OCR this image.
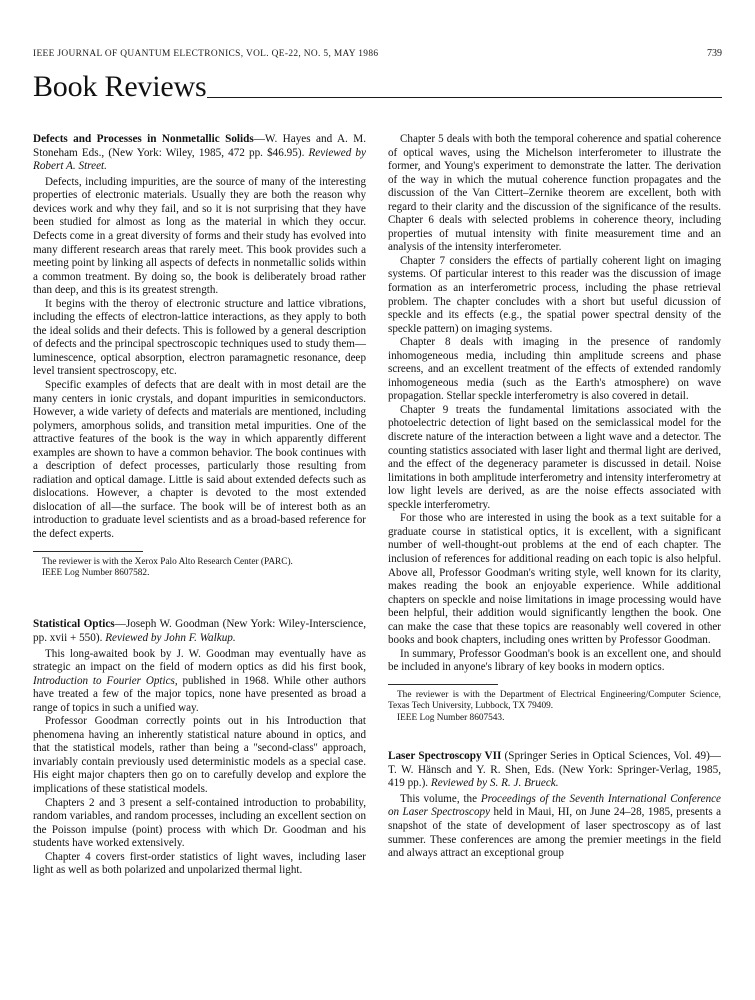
IEEE JOURNAL OF QUANTUM ELECTRONICS, VOL. QE-22, NO. 5, MAY 1986	739
Book Reviews
Defects and Processes in Nonmetallic Solids—W. Hayes and A. M. Stoneham Eds., (New York: Wiley, 1985, 472 pp. $46.95). Reviewed by Robert A. Street.

Defects, including impurities, are the source of many of the interesting properties of electronic materials. Usually they are both the reason why devices work and why they fail, and so it is not surprising that they have been studied for almost as long as the material in which they occur. Defects come in a great diversity of forms and their study has evolved into many different research areas that rarely meet. This book provides such a meeting point by linking all aspects of defects in nonmetallic solids within a common treatment. By doing so, the book is deliberately broad rather than deep, and this is its greatest strength.

It begins with the theroy of electronic structure and lattice vibrations, including the effects of electron-lattice interactions, as they apply to both the ideal solids and their defects. This is followed by a general description of defects and the principal spectroscopic techniques used to study them—luminescence, optical absorption, electron paramagnetic resonance, deep level transient spectroscopy, etc.

Specific examples of defects that are dealt with in most detail are the many centers in ionic crystals, and dopant impurities in semiconductors. However, a wide variety of defects and materials are mentioned, including polymers, amorphous solids, and transition metal impurities. One of the attractive features of the book is the way in which apparently different examples are shown to have a common behavior. The book continues with a description of defect processes, particularly those resulting from radiation and optical damage. Little is said about extended defects such as dislocations. However, a chapter is devoted to the most extended dislocation of all—the surface. The book will be of interest both as an introduction to graduate level scientists and as a broad-based reference for the defect experts.

The reviewer is with the Xerox Palo Alto Research Center (PARC).

IEEE Log Number 8607582.

Statistical Optics—Joseph W. Goodman (New York: Wiley-Interscience, pp. xvii + 550). Reviewed by John F. Walkup.

This long-awaited book by J. W. Goodman may eventually have as strategic an impact on the field of modern optics as did his first book, Introduction to Fourier Optics, published in 1968. While other authors have treated a few of the major topics, none have presented as broad a range of topics in such a unified way.

Professor Goodman correctly points out in his Introduction that phenomena having an inherently statistical nature abound in optics, and that the statistical models, rather than being a ''second-class'' approach, invariably contain previously used deterministic models as a special case. His eight major chapters then go on to carefully develop and explore the implications of these statistical models.

Chapters 2 and 3 present a self-contained introduction to probability, random variables, and random processes, including an excellent section on the Poisson impulse (point) process with which Dr. Goodman and his students have worked extensively.

Chapter 4 covers first-order statistics of light waves, including laser light as well as both polarized and unpolarized thermal light.

Chapter 5 deals with both the temporal coherence and spatial coherence of optical waves, using the Michelson interferometer to illustrate the former, and Young's experiment to demonstrate the latter. The derivation of the way in which the mutual coherence function propagates and the discussion of the Van Cittert–Zernike theorem are excellent, both with regard to their clarity and the discussion of the significance of the results. Chapter 6 deals with selected problems in coherence theory, including properties of mutual intensity with finite measurement time and an analysis of the intensity interferometer.

Chapter 7 considers the effects of partially coherent light on imaging systems. Of particular interest to this reader was the discussion of image formation as an interferometric process, including the phase retrieval problem. The chapter concludes with a short but useful dicussion of speckle and its effects (e.g., the spatial power spectral density of the speckle pattern) on imaging systems.

Chapter 8 deals with imaging in the presence of randomly inhomogeneous media, including thin amplitude screens and phase screens, and an excellent treatment of the effects of extended randomly inhomogeneous media (such as the Earth's atmosphere) on wave propagation. Stellar speckle interferometry is also covered in detail.

Chapter 9 treats the fundamental limitations associated with the photoelectric detection of light based on the semiclassical model for the discrete nature of the interaction between a light wave and a detector. The counting statistics associated with laser light and thermal light are derived, and the effect of the degeneracy parameter is discussed in detail. Noise limitations in both amplitude interferometry and intensity interferometry at low light levels are derived, as are the noise effects associated with speckle interferometry.

For those who are interested in using the book as a text suitable for a graduate course in statistical optics, it is excellent, with a significant number of well-thought-out problems at the end of each chapter. The inclusion of references for additional reading on each topic is also helpful. Above all, Professor Goodman's writing style, well known for its clarity, makes reading the book an enjoyable experience. While additional chapters on speckle and noise limitations in image processing would have been helpful, their addition would significantly lengthen the book. One can make the case that these topics are reasonably well covered in other books and book chapters, including ones written by Professor Goodman.

In summary, Professor Goodman's book is an excellent one, and should be included in anyone's library of key books in modern optics.

The reviewer is with the Department of Electrical Engineering/Computer Science, Texas Tech University, Lubbock, TX 79409.

IEEE Log Number 8607543.

Laser Spectroscopy VII (Springer Series in Optical Sciences, Vol. 49)—T. W. Hänsch and Y. R. Shen, Eds. (New York: Springer-Verlag, 1985, 419 pp.). Reviewed by S. R. J. Brueck.

This volume, the Proceedings of the Seventh International Conference on Laser Spectroscopy held in Maui, HI, on June 24–28, 1985, presents a snapshot of the state of development of laser spectroscopy as of last summer. These conferences are among the premier meetings in the field and always attract an exceptional group
